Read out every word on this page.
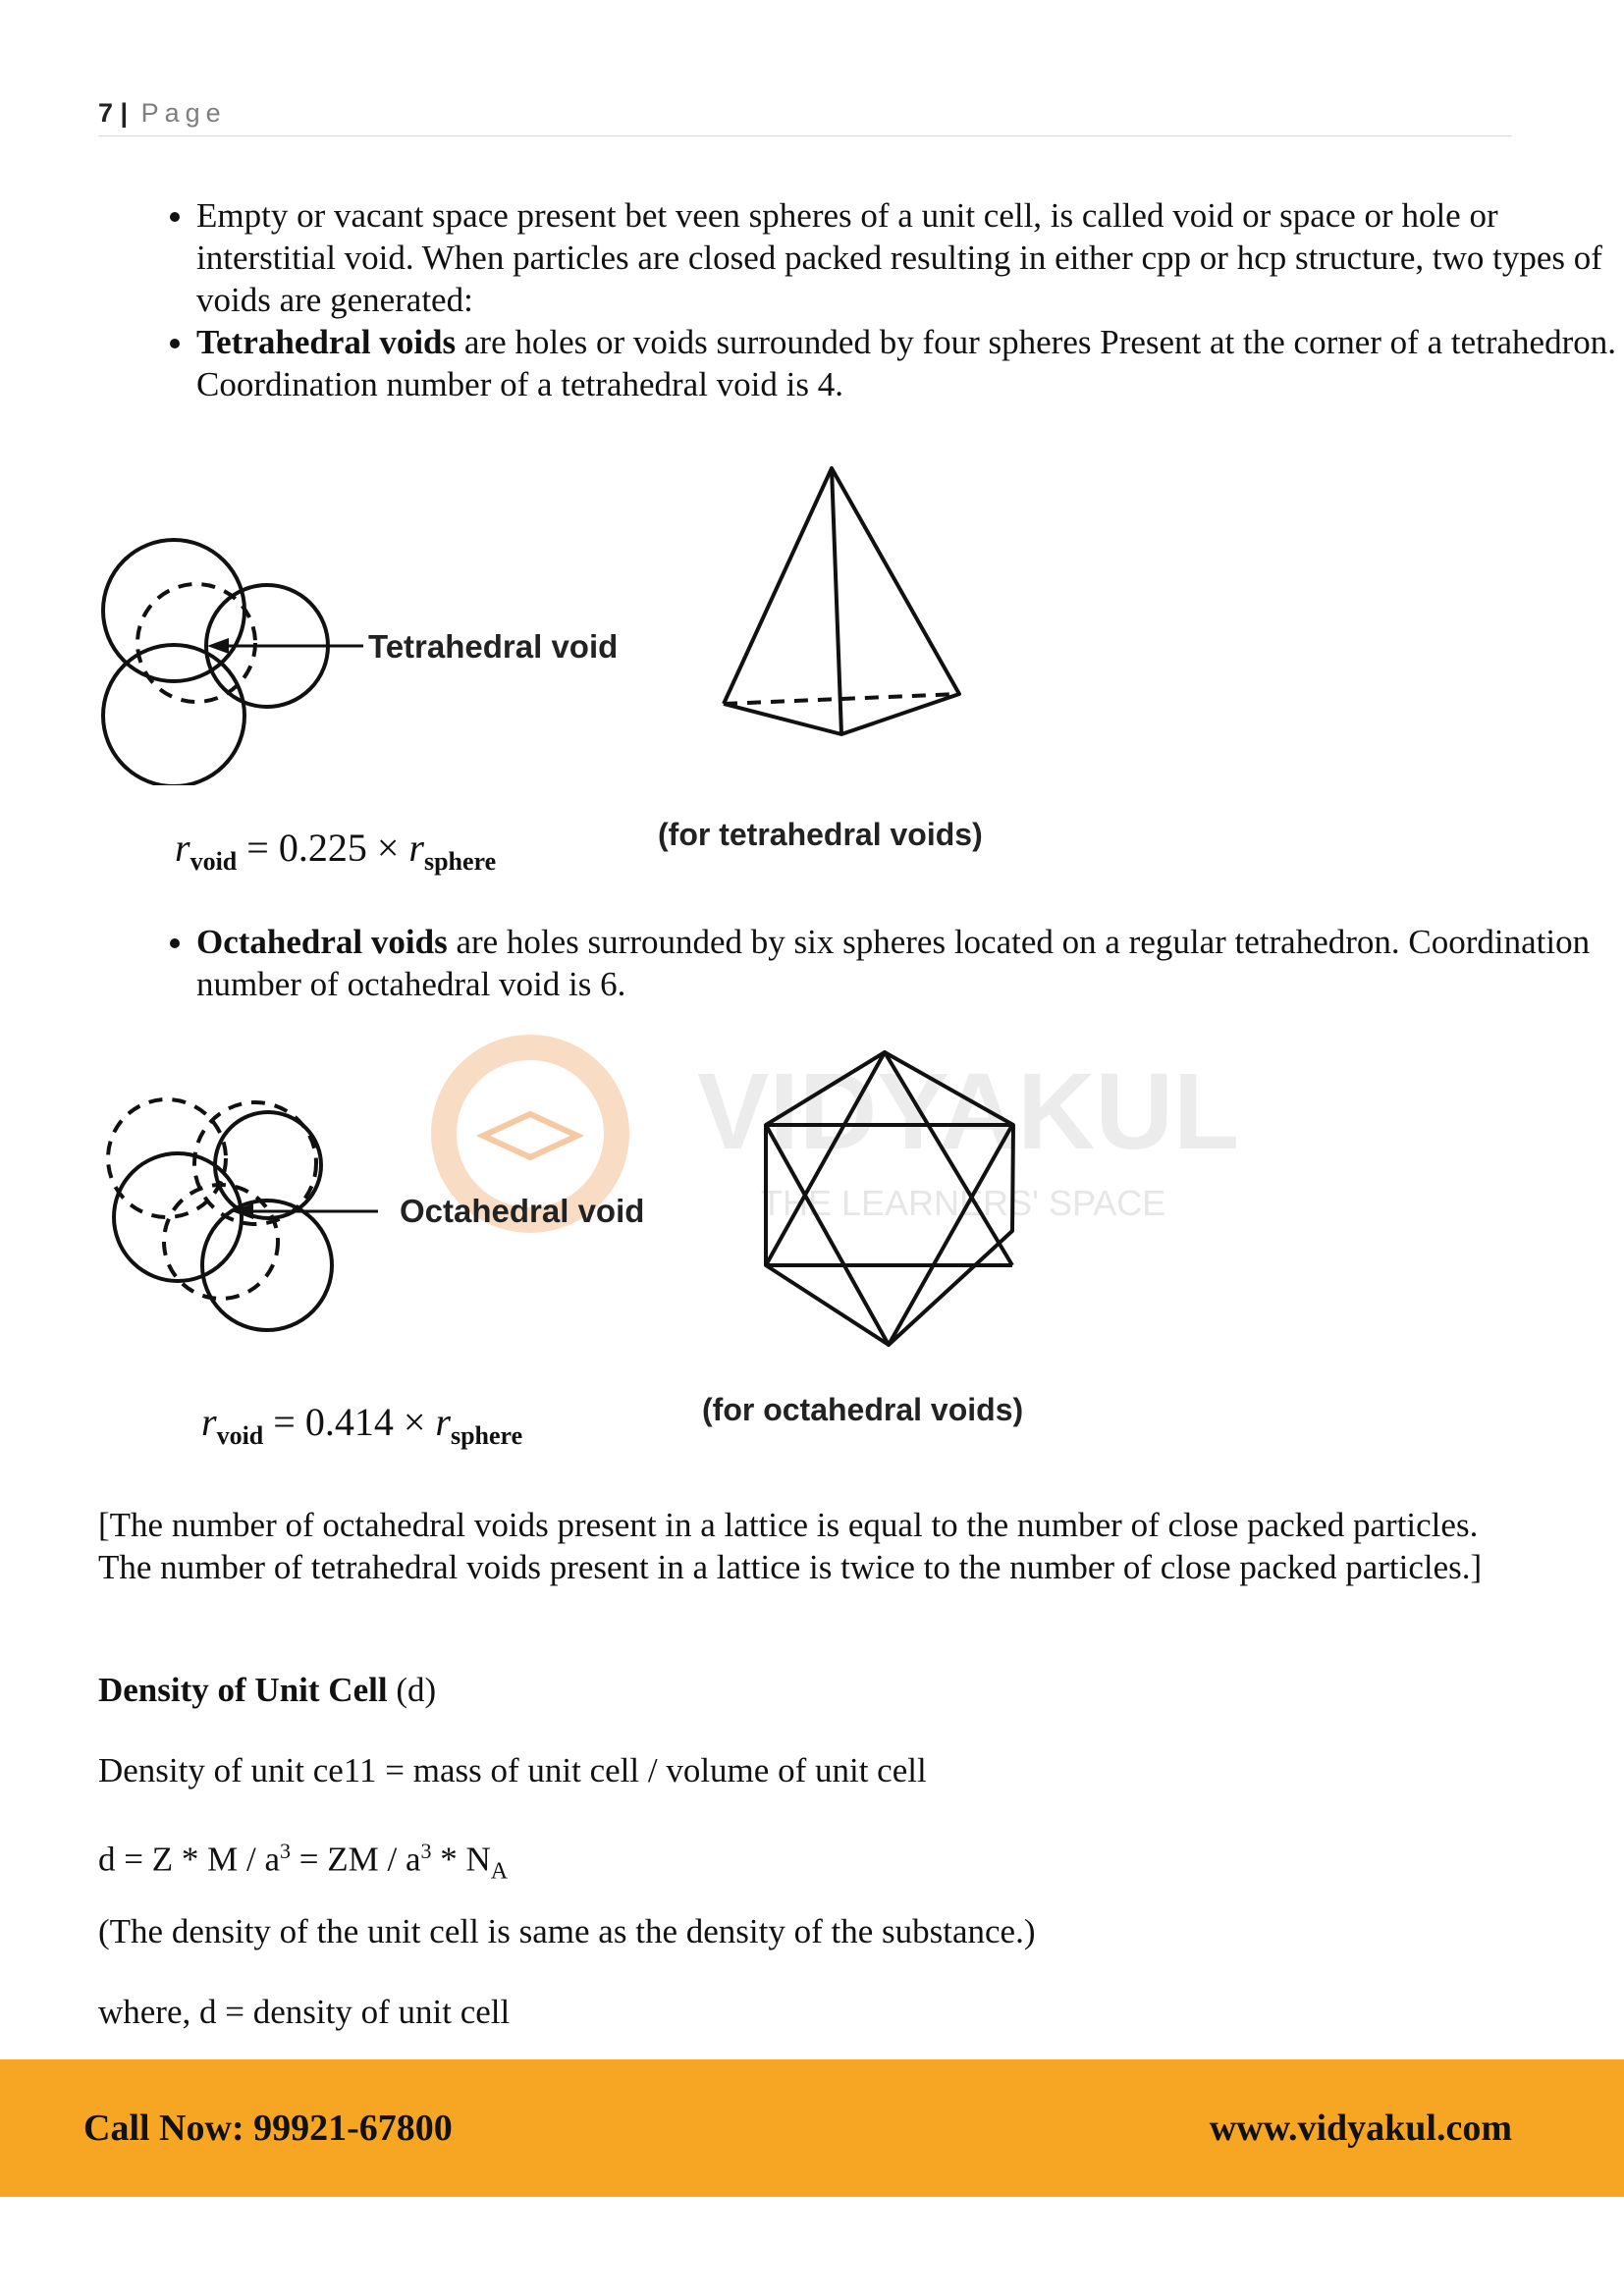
7 | Page
• Empty or vacant space present bet veen spheres of a unit cell, is called void or space or hole or interstitial void. When particles are closed packed resulting in either cpp or hcp structure, two types of voids are generated:
• Tetrahedral voids are holes or voids surrounded by four spheres Present at the corner of a tetrahedron. Coordination number of a tetrahedral void is 4.
VIDYAKUL
THE LEARNERS' SPACE
Tetrahedral void
$r_{void} = 0.225 \times r_{sphere}$
(for tetrahedral voids)
• Octahedral voids are holes surrounded by six spheres located on a regular tetrahedron. Coordination number of octahedral void is 6.
Octahedral void
$r_{void} = 0.414 \times r_{sphere}$
(for octahedral voids)

[The number of octahedral voids present in a lattice is equal to the number of close packed particles. The number of tetrahedral voids present in a lattice is twice to the number of close packed particles.]

Density of Unit Cell (d)

Density of unit ce11 = mass of unit cell / volume of unit cell

$d = Z * M / a^3$ = ZM / $a^3 * N_A$

(The density of the unit cell is same as the density of the substance.)

where, d = density of unit cell

Call Now: 99921-67800	www.vidyakul.com
